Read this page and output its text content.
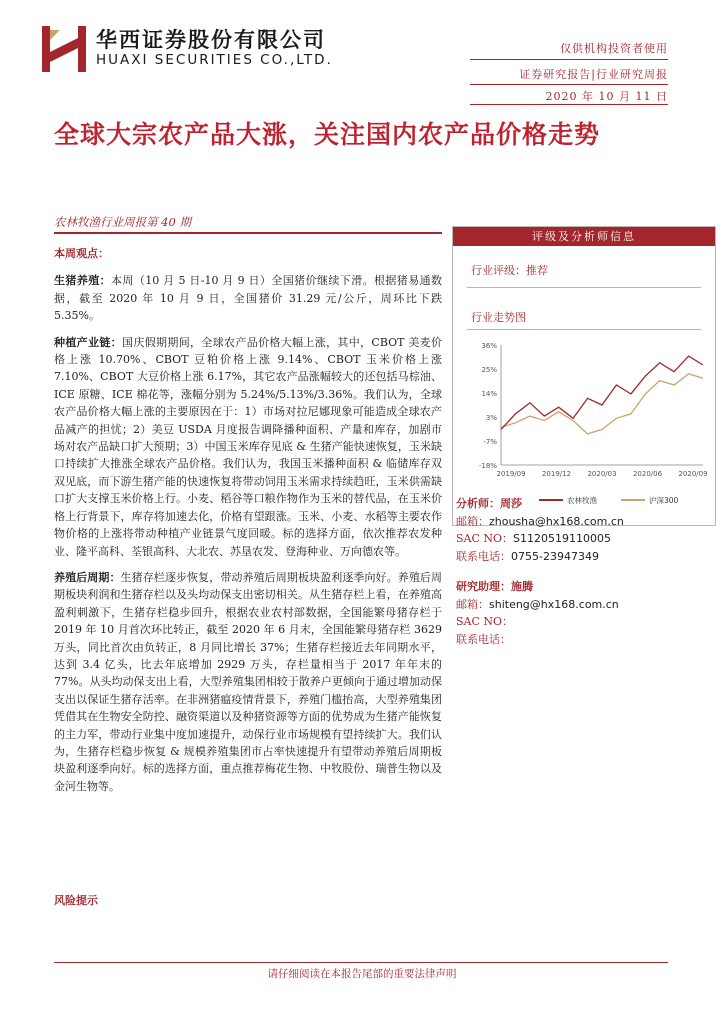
华西证券股份有限公司
HUAXI SECURITIES CO.,LTD.
仅供机构投资者使用
证券研究报告|行业研究周报
2020 年 10 月 11 日
全球大宗农产品大涨，关注国内农产品价格走势
农林牧渔行业周报第 40 期
本周观点：

生猪养殖：本周（10 月 5 日-10 月 9 日）全国猪价继续下滑。根据猪易通数据，截至 2020 年 10 月 9 日，全国猪价 31.29 元/公斤，周环比下跌 5.35%。

种植产业链：国庆假期期间，全球农产品价格大幅上涨，其中，CBOT 美麦价格上涨 10.70%、CBOT 豆粕价格上涨 9.14%、CBOT 玉米价格上涨 7.10%、CBOT 大豆价格上涨 6.17%，其它农产品涨幅较大的还包括马棕油、ICE 原糖、ICE 棉花等，涨幅分别为 5.24%/5.13%/3.36%。我们认为，全球农产品价格大幅上涨的主要原因在于：1）市场对拉尼娜现象可能造成全球农产品减产的担忧；2）美豆 USDA 月度报告调降播种面积、产量和库存，加剧市场对农产品缺口扩大预期；3）中国玉米库存见底 & 生猪产能快速恢复，玉米缺口持续扩大推涨全球农产品价格。我们认为，我国玉米播种面积 & 临储库存双双见底，而下游生猪产能的快速恢复将带动饲用玉米需求持续趋旺，玉米供需缺口扩大支撑玉米价格上行。小麦、稻谷等口粮作物作为玉米的替代品，在玉米价格上行背景下，库存将加速去化，价格有望跟涨。玉米、小麦、水稻等主要农作物价格的上涨将带动种植产业链景气度回暖。标的选择方面，依次推荐农发种业、隆平高科、荃银高科、大北农、苏垦农发、登海种业、万向德农等。

养殖后周期：生猪存栏逐步恢复，带动养殖后周期板块盈利逐季向好。养殖后周期板块利润和生猪存栏以及头均动保支出密切相关。从生猪存栏上看，在养殖高盈利刺激下，生猪存栏稳步回升，根据农业农村部数据，全国能繁母猪存栏于 2019 年 10 月首次环比转正，截至 2020 年 6 月末，全国能繁母猪存栏 3629 万头，同比首次由负转正，8 月同比增长 37%；生猪存栏接近去年同期水平，达到 3.4 亿头，比去年底增加 2929 万头，存栏量相当于 2017 年年末的 77%。从头均动保支出上看，大型养殖集团相较于散养户更倾向于通过增加动保支出以保证生猪存活率。在非洲猪瘟疫情背景下，养殖门槛抬高，大型养殖集团凭借其在生物安全防控、融资渠道以及种猪资源等方面的优势成为生猪产能恢复的主力军，带动行业集中度加速提升，动保行业市场规模有望持续扩大。我们认为，生猪存栏稳步恢复 & 规模养殖集团市占率快速提升有望带动养殖后周期板块盈利逐季向好。标的选择方面，重点推荐梅花生物、中牧股份、瑞普生物以及金河生物等。

风险提示
评级及分析师信息
行业评级：推荐
行业走势图
36%
25%
14%
3%
-7%
-18%
2019/09 2019/12 2020/03 2020/06 2020/09
农林牧渔	沪深300
分析师：周莎
邮箱：zhousha@hx168.com.cn
SAC NO：S1120519110005
联系电话：0755-23947349
研究助理：施腾
邮箱：shiteng@hx168.com.cn
SAC NO：
联系电话：
请仔细阅读在本报告尾部的重要法律声明
